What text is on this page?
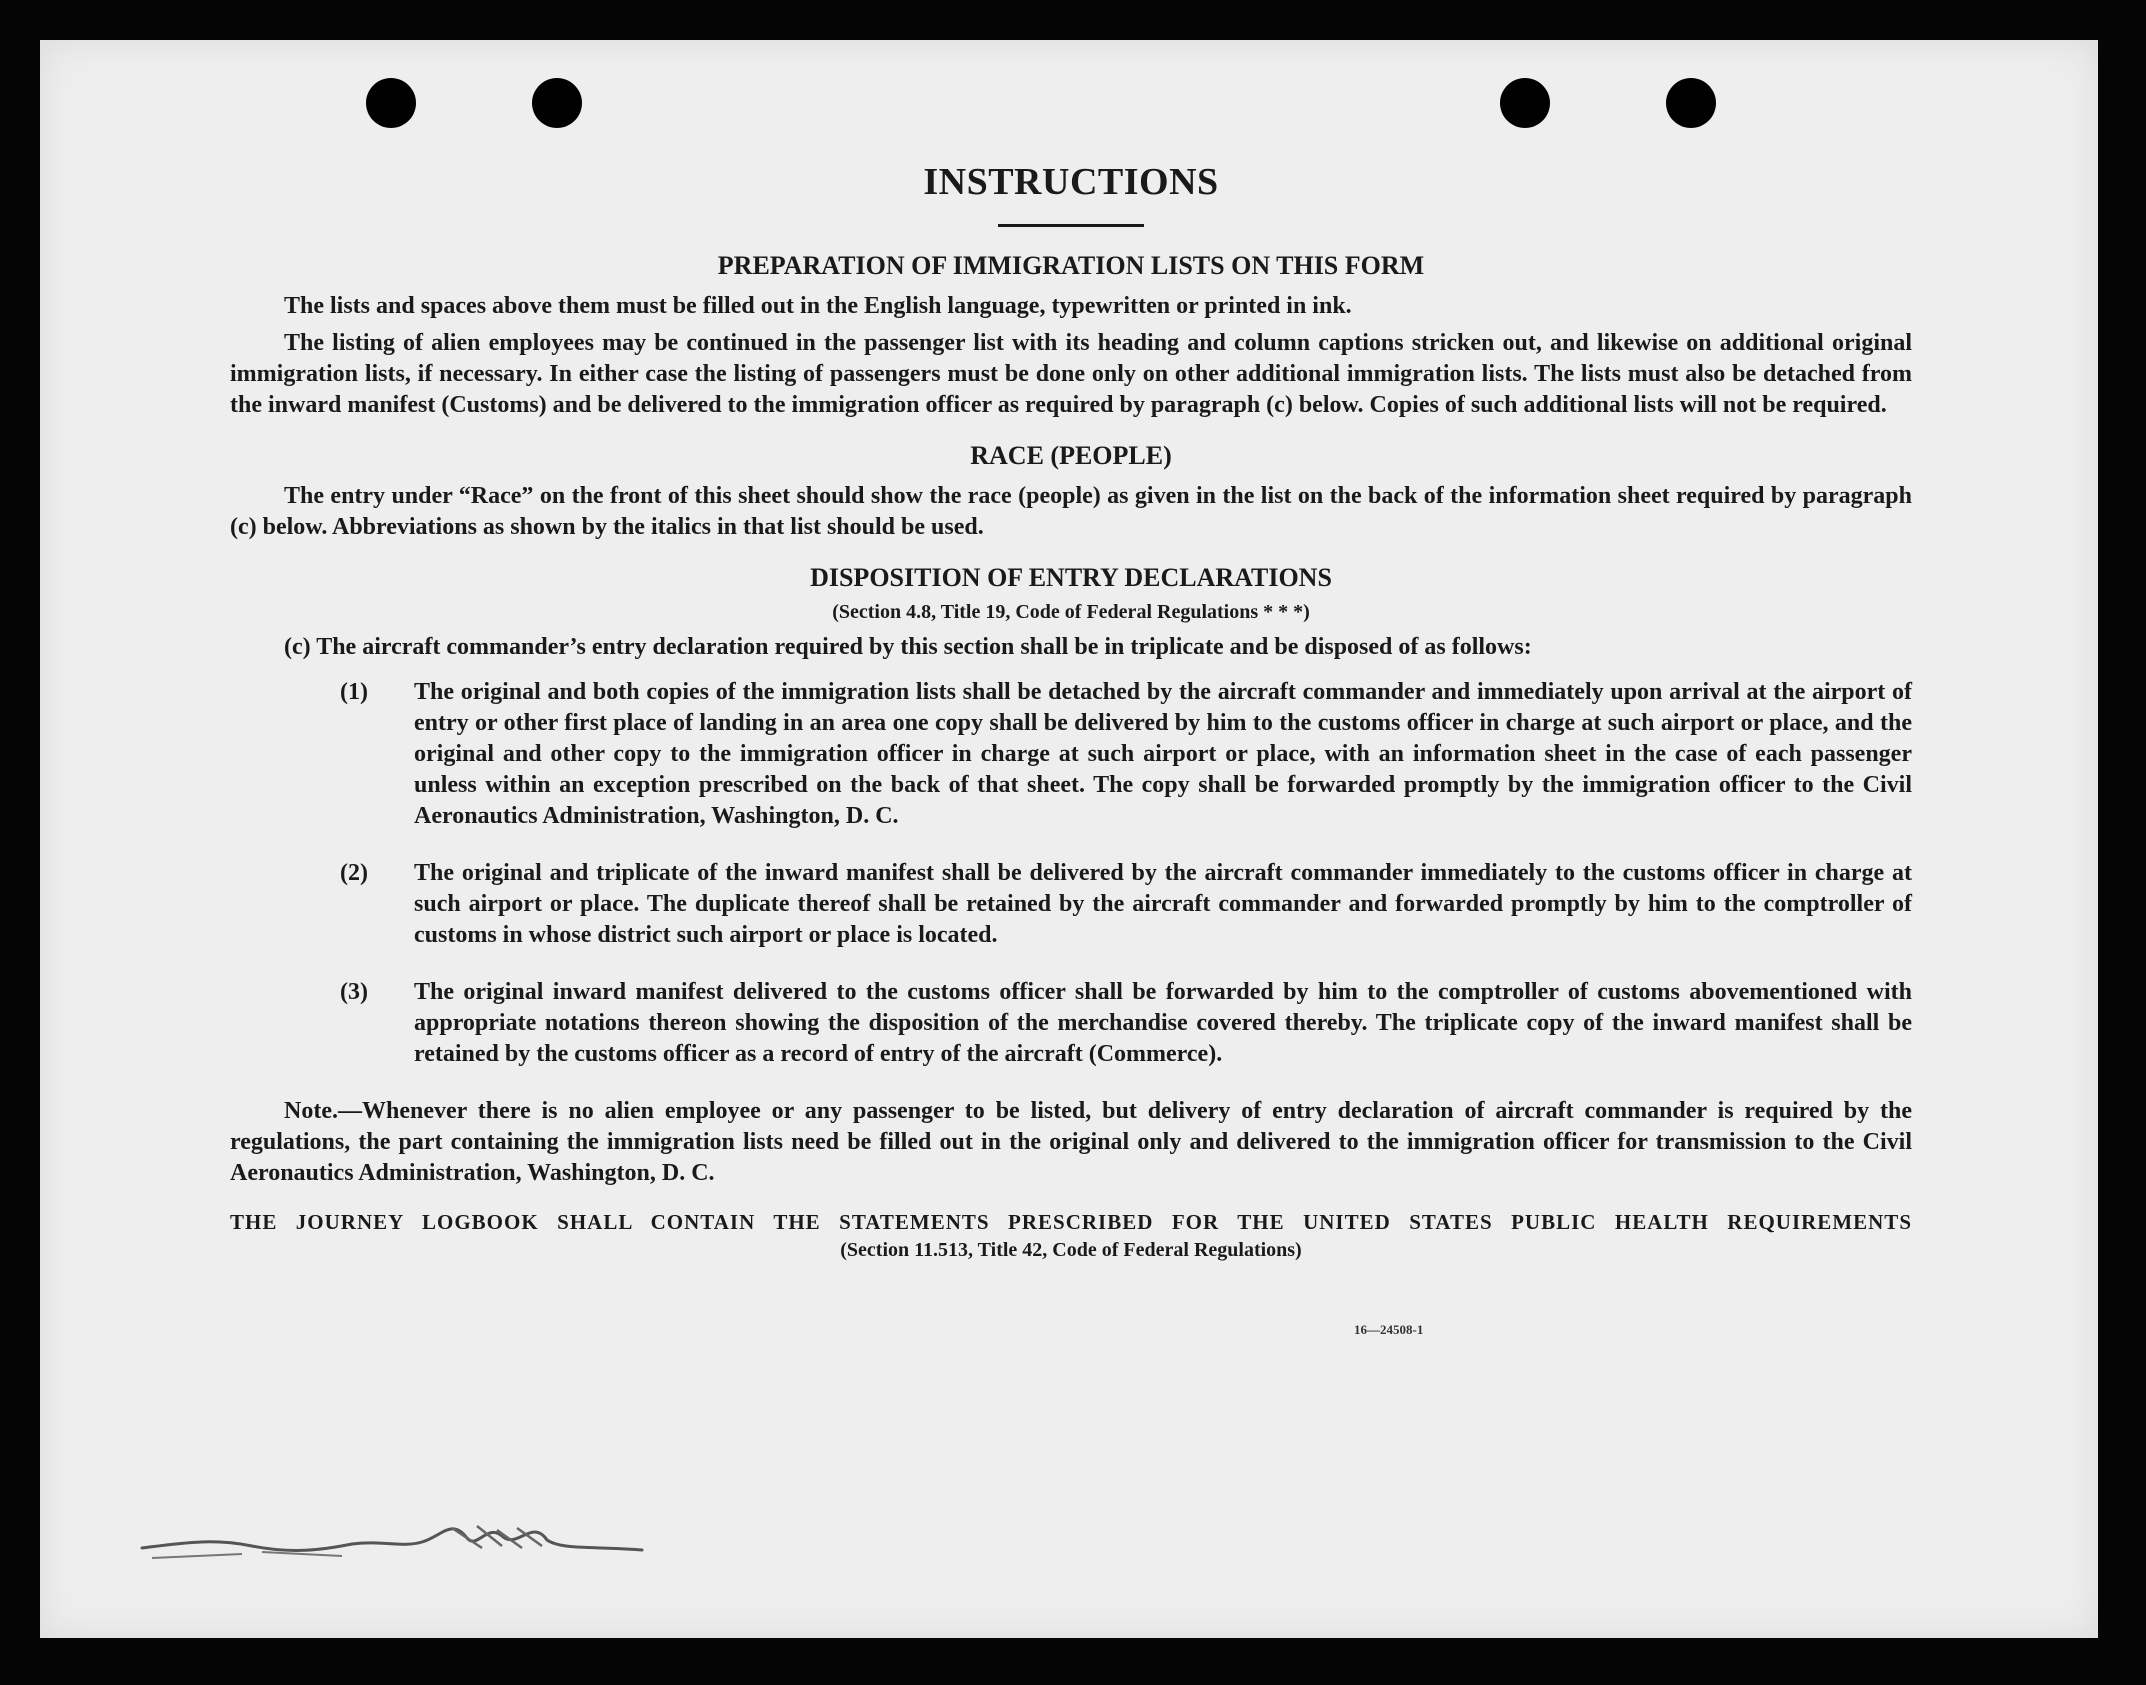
INSTRUCTIONS
PREPARATION OF IMMIGRATION LISTS ON THIS FORM

The lists and spaces above them must be filled out in the English language, typewritten or printed in ink.

The listing of alien employees may be continued in the passenger list with its heading and column captions stricken out, and likewise on additional original immigration lists, if necessary. In either case the listing of passengers must be done only on other additional immigration lists. The lists must also be detached from the inward manifest (Customs) and be delivered to the immigration officer as required by paragraph (c) below. Copies of such additional lists will not be required.

RACE (PEOPLE)

The entry under “Race” on the front of this sheet should show the race (people) as given in the list on the back of the information sheet required by paragraph (c) below. Abbreviations as shown by the italics in that list should be used.

DISPOSITION OF ENTRY DECLARATIONS
(Section 4.8, Title 19, Code of Federal Regulations * * *)

(c) The aircraft commander’s entry declaration required by this section shall be in triplicate and be disposed of as follows:

(1) The original and both copies of the immigration lists shall be detached by the aircraft commander and immediately upon arrival at the airport of entry or other first place of landing in an area one copy shall be delivered by him to the customs officer in charge at such airport or place, and the original and other copy to the immigration officer in charge at such airport or place, with an information sheet in the case of each passenger unless within an exception prescribed on the back of that sheet. The copy shall be forwarded promptly by the immigration officer to the Civil Aeronautics Administration, Washington, D. C.

(2) The original and triplicate of the inward manifest shall be delivered by the aircraft commander immediately to the customs officer in charge at such airport or place. The duplicate thereof shall be retained by the aircraft commander and forwarded promptly by him to the comptroller of customs in whose district such airport or place is located.

(3) The original inward manifest delivered to the customs officer shall be forwarded by him to the comptroller of customs abovementioned with appropriate notations thereon showing the disposition of the merchandise covered thereby. The triplicate copy of the inward manifest shall be retained by the customs officer as a record of entry of the aircraft (Commerce).

Note.—Whenever there is no alien employee or any passenger to be listed, but delivery of entry declaration of aircraft commander is required by the regulations, the part containing the immigration lists need be filled out in the original only and delivered to the immigration officer for transmission to the Civil Aeronautics Administration, Washington, D. C.

THE JOURNEY LOGBOOK SHALL CONTAIN THE STATEMENTS PRESCRIBED FOR THE UNITED STATES PUBLIC HEALTH REQUIREMENTS
(Section 11.513, Title 42, Code of Federal Regulations)
16—24508-1
